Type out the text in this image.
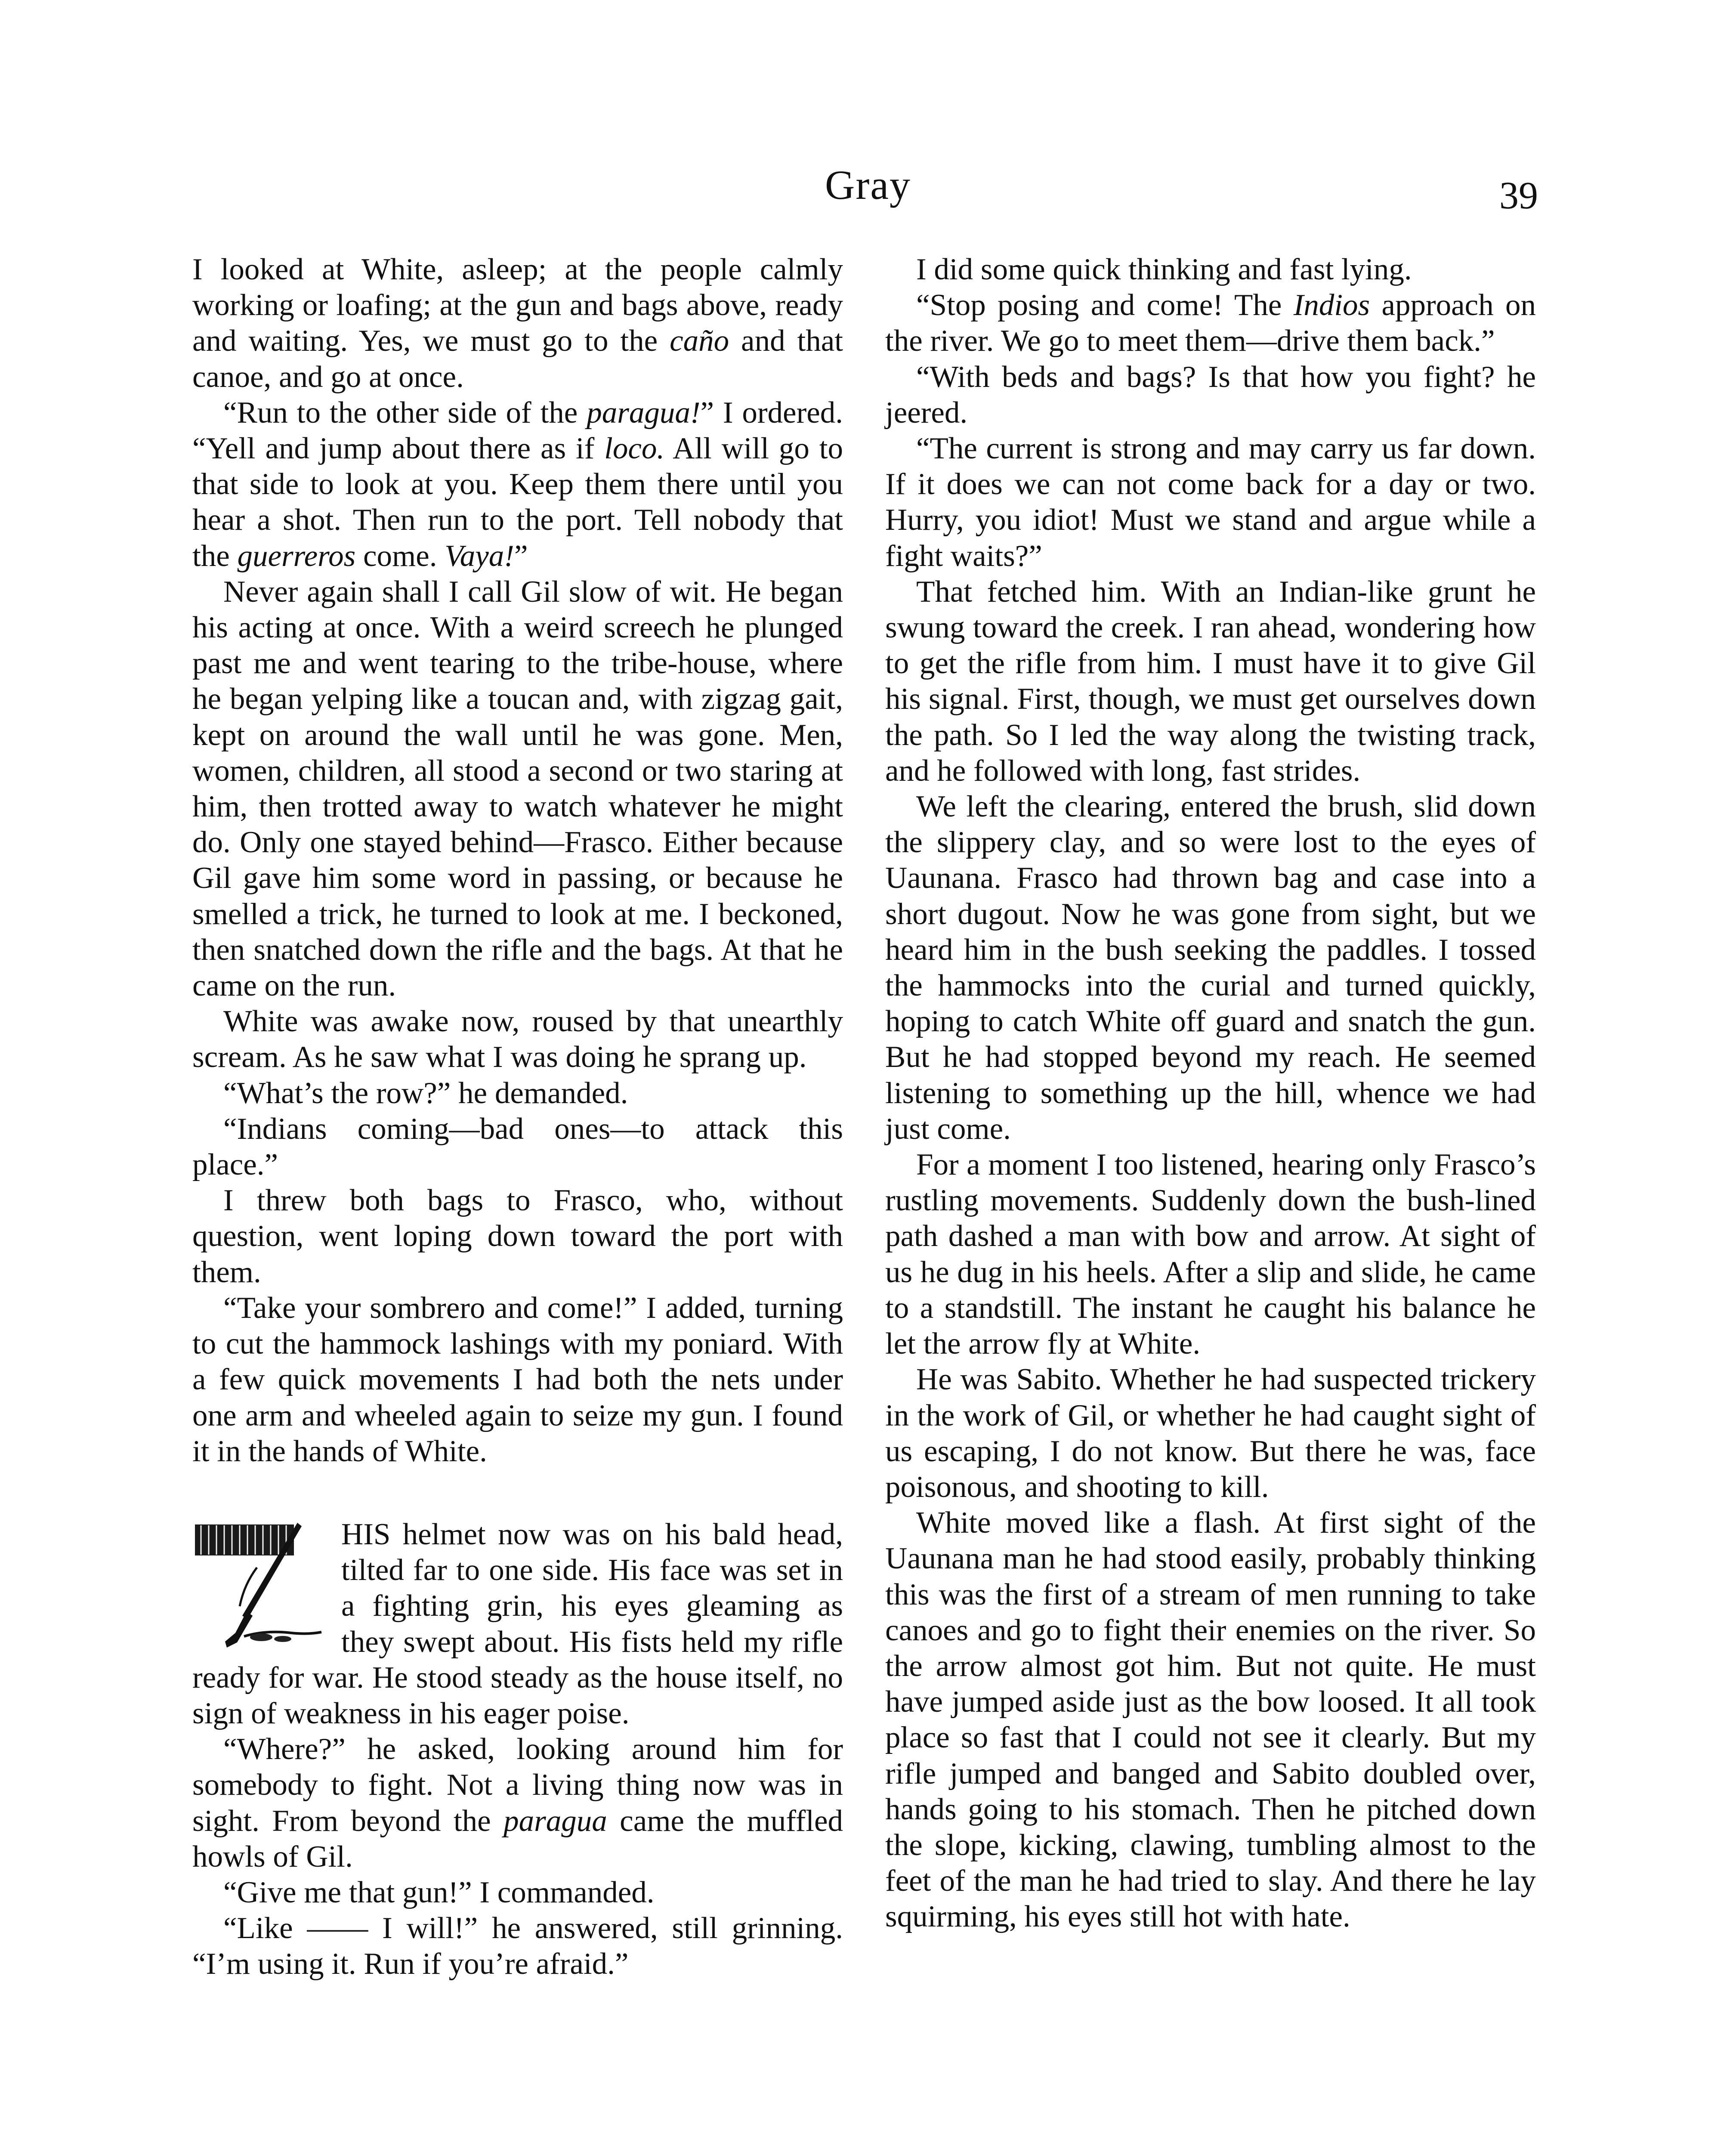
Gray	39

I looked at White, asleep; at the people calmly working or loafing; at the gun and bags above, ready and waiting. Yes, we must go to the caño and that canoe, and go at once.

“Run to the other side of the paragua!” I ordered. “Yell and jump about there as if loco. All will go to that side to look at you. Keep them there until you hear a shot. Then run to the port. Tell nobody that the guerreros come. Vaya!”

Never again shall I call Gil slow of wit. He began his acting at once. With a weird screech he plunged past me and went tearing to the tribe-house, where he began yelping like a toucan and, with zigzag gait, kept on around the wall until he was gone. Men, women, children, all stood a second or two staring at him, then trotted away to watch whatever he might do. Only one stayed behind—Frasco. Either because Gil gave him some word in passing, or because he smelled a trick, he turned to look at me. I beckoned, then snatched down the rifle and the bags. At that he came on the run.

White was awake now, roused by that unearthly scream. As he saw what I was doing he sprang up.

“What’s the row?” he demanded.

“Indians coming—bad ones—to attack this place.”

I threw both bags to Frasco, who, without question, went loping down toward the port with them.

“Take your sombrero and come!” I added, turning to cut the hammock lashings with my poniard. With a few quick movements I had both the nets under one arm and wheeled again to seize my gun. I found it in the hands of White.

HIS helmet now was on his bald head, tilted far to one side. His face was set in a fighting grin, his eyes gleaming as they swept about. His fists held my rifle ready for war. He stood steady as the house itself, no sign of weakness in his eager poise.

“Where?” he asked, looking around him for somebody to fight. Not a living thing now was in sight. From beyond the paragua came the muffled howls of Gil.

“Give me that gun!” I commanded.

“Like —— I will!” he answered, still grinning. “I’m using it. Run if you’re afraid.”

I did some quick thinking and fast lying.

“Stop posing and come! The Indios approach on the river. We go to meet them—drive them back.”

“With beds and bags? Is that how you fight? he jeered.

“The current is strong and may carry us far down. If it does we can not come back for a day or two. Hurry, you idiot! Must we stand and argue while a fight waits?”

That fetched him. With an Indian-like grunt he swung toward the creek. I ran ahead, wondering how to get the rifle from him. I must have it to give Gil his signal. First, though, we must get ourselves down the path. So I led the way along the twisting track, and he followed with long, fast strides.

We left the clearing, entered the brush, slid down the slippery clay, and so were lost to the eyes of Uaunana. Frasco had thrown bag and case into a short dugout. Now he was gone from sight, but we heard him in the bush seeking the paddles. I tossed the hammocks into the curial and turned quickly, hoping to catch White off guard and snatch the gun. But he had stopped beyond my reach. He seemed listening to something up the hill, whence we had just come.

For a moment I too listened, hearing only Frasco’s rustling movements. Suddenly down the bush-lined path dashed a man with bow and arrow. At sight of us he dug in his heels. After a slip and slide, he came to a standstill. The instant he caught his balance he let the arrow fly at White.

He was Sabito. Whether he had suspected trickery in the work of Gil, or whether he had caught sight of us escaping, I do not know. But there he was, face poisonous, and shooting to kill.

White moved like a flash. At first sight of the Uaunana man he had stood easily, probably thinking this was the first of a stream of men running to take canoes and go to fight their enemies on the river. So the arrow almost got him. But not quite. He must have jumped aside just as the bow loosed. It all took place so fast that I could not see it clearly. But my rifle jumped and banged and Sabito doubled over, hands going to his stomach. Then he pitched down the slope, kicking, clawing, tumbling almost to the feet of the man he had tried to slay. And there he lay squirming, his eyes still hot with hate.
